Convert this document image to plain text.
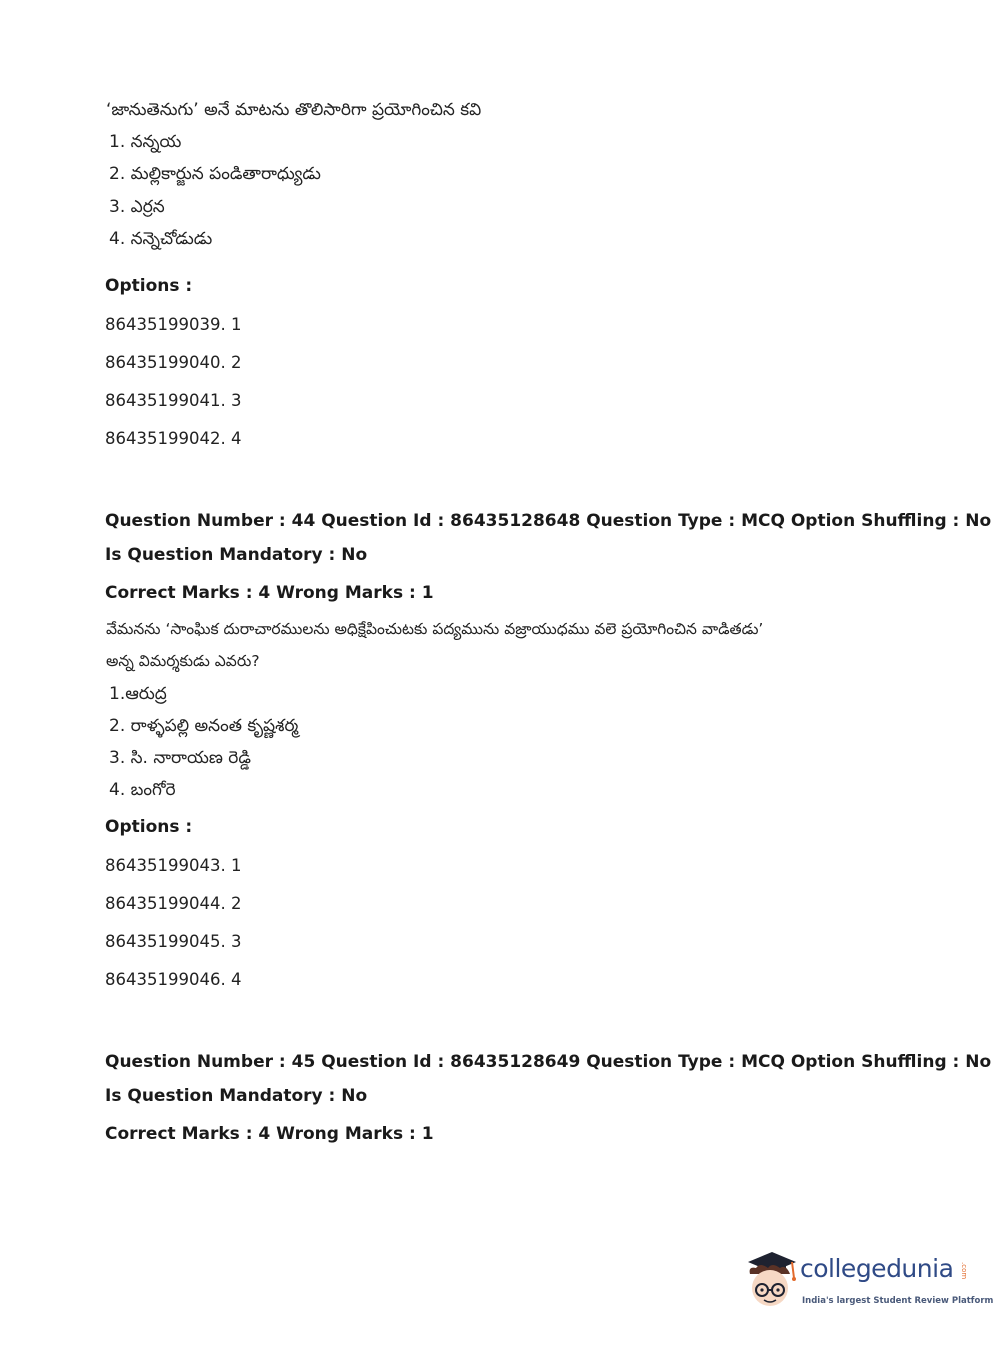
‘జానుతెనుగు’ అనే మాటను తొలిసారిగా ప్రయోగించిన కవి
1. నన్నయ
2. మల్లికార్జున పండితారాధ్యుడు
3. ఎర్రన
4. నన్నెచోడుడు
Options :
86435199039. 1
86435199040. 2
86435199041. 3
86435199042. 4
Question Number : 44 Question Id : 86435128648 Question Type : MCQ Option Shuffling : No
Is Question Mandatory : No
Correct Marks : 4 Wrong Marks : 1
వేమనను ‘సాంఘిక దురాచారములను అధిక్షేపించుటకు పద్యమును వజ్రాయుధము వలె ప్రయోగించిన వాడితడు’
అన్న విమర్శకుడు ఎవరు?
1.ఆరుద్ర
2. రాళ్ళపల్లి అనంత కృష్ణశర్మ
3. సి. నారాయణ రెడ్డి
4. బంగోరె
Options :
86435199043. 1
86435199044. 2
86435199045. 3
86435199046. 4
Question Number : 45 Question Id : 86435128649 Question Type : MCQ Option Shuffling : No
Is Question Mandatory : No
Correct Marks : 4 Wrong Marks : 1
collegedunia .com
India's largest Student Review Platform
